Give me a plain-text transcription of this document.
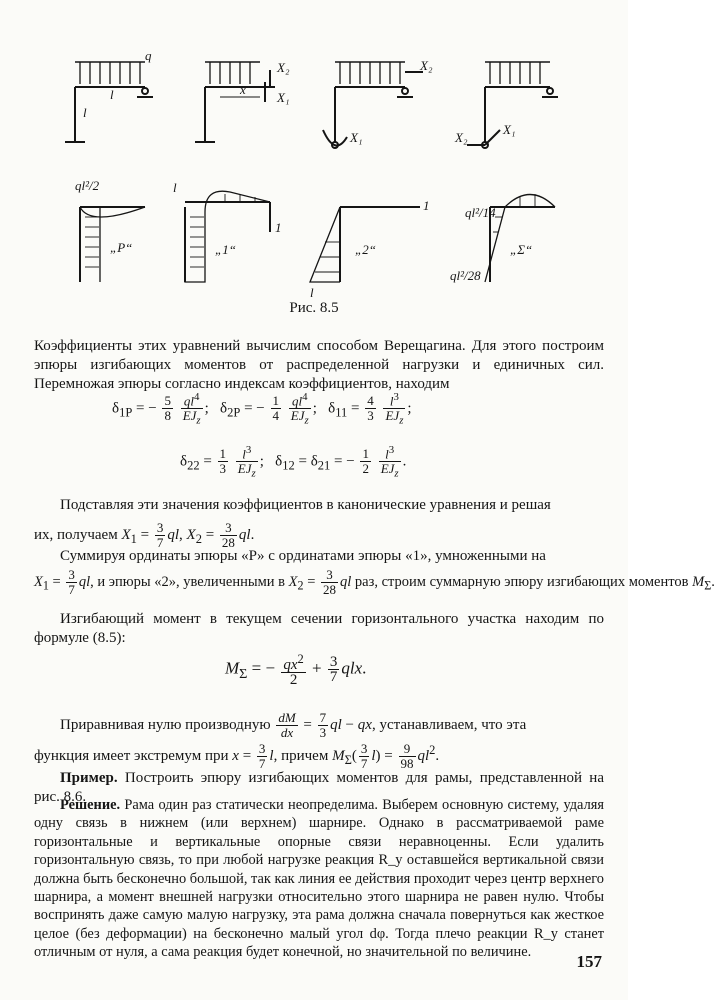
q
l
l	x
X₂
X₁
X₂
X₁	X₂
X₁
ql²/2	l
1
1
l
ql²/14
ql²/28
„P“	„1“	„2“	„Σ“
Рис. 8.5
Коэффициенты этих уравнений вычислим способом Верещагина. Для этого построим эпюры изгибающих моментов от распределенной нагрузки и единичных сил. Перемножая эпюры согласно индексам коэффициентов, находим
$\delta_{1P}$ = − $\frac{5}{8}$
$\frac{ql^4}{EJ_z}$ ;   $\delta_{2P}$ = − $\frac{1}{4}$
$\frac{ql^4}{EJ_z}$ ;   $\delta_{11} = \frac{4}{3}$
$\frac{l^3}{EJ_z}$ ;
$\delta_{22} = \frac{1}{3}$
$\frac{l^3}{EJ_z}$ ;   $\delta_{12} = \delta_{21}$ = − $\frac{1}{2}$
$\frac{l^3}{EJ_z}$ .
Подставляя эти значения коэффициентов в канонические уравнения и решая
их, получаем $X_1 = \frac{3}{7}$ ql, $X_2 = \frac{3}{28}$ ql.
Суммируя ординаты эпюры «P» с ординатами эпюры «1», умноженными на
$X_1 = \frac{3}{7}$ ql, и эпюры «2», увеличенными в $X_2 = \frac{3}{28}$ ql раз, строим суммарную эпюру изгибающих моментов $M_\Sigma$.
Изгибающий момент в текущем сечении горизонтального участка находим по формуле (8.5):
$M_\Sigma$ = − $\frac{qx^2}{2} + \frac{3}{7}$ qlx.
Приравнивая нулю производную $\frac{dM}{dx} = \frac{7}{3}$ ql − qx, устанавливаем, что эта
функция имеет экстремум при $x = \frac{3}{7} l$, причем $M_\Sigma( \frac{3}{7} l) = \frac{9}{98} ql^2$.
Пример. Построить эпюру изгибающих моментов для рамы, представленной на рис. 8.6.
Решение. Рама один раз статически неопределима. Выберем основную систему, удаляя одну связь в нижнем (или верхнем) шарнире. Однако в рассматриваемой раме горизонтальные и вертикальные опорные связи неравноценны. Если удалить горизонтальную связь, то при любой нагрузке реакция R_y оставшейся вертикальной связи должна быть бесконечно большой, так как линия ее действия проходит через центр верхнего шарнира, а момент внешней нагрузки относительно этого шарнира не равен нулю. Чтобы воспринять даже самую малую нагрузку, эта рама должна сначала повернуться как жесткое целое (без деформации) на бесконечно малый угол dφ. Тогда плечо реакции R_y станет отличным от нуля, а сама реакция будет конечной, но значительной по величине.	157
